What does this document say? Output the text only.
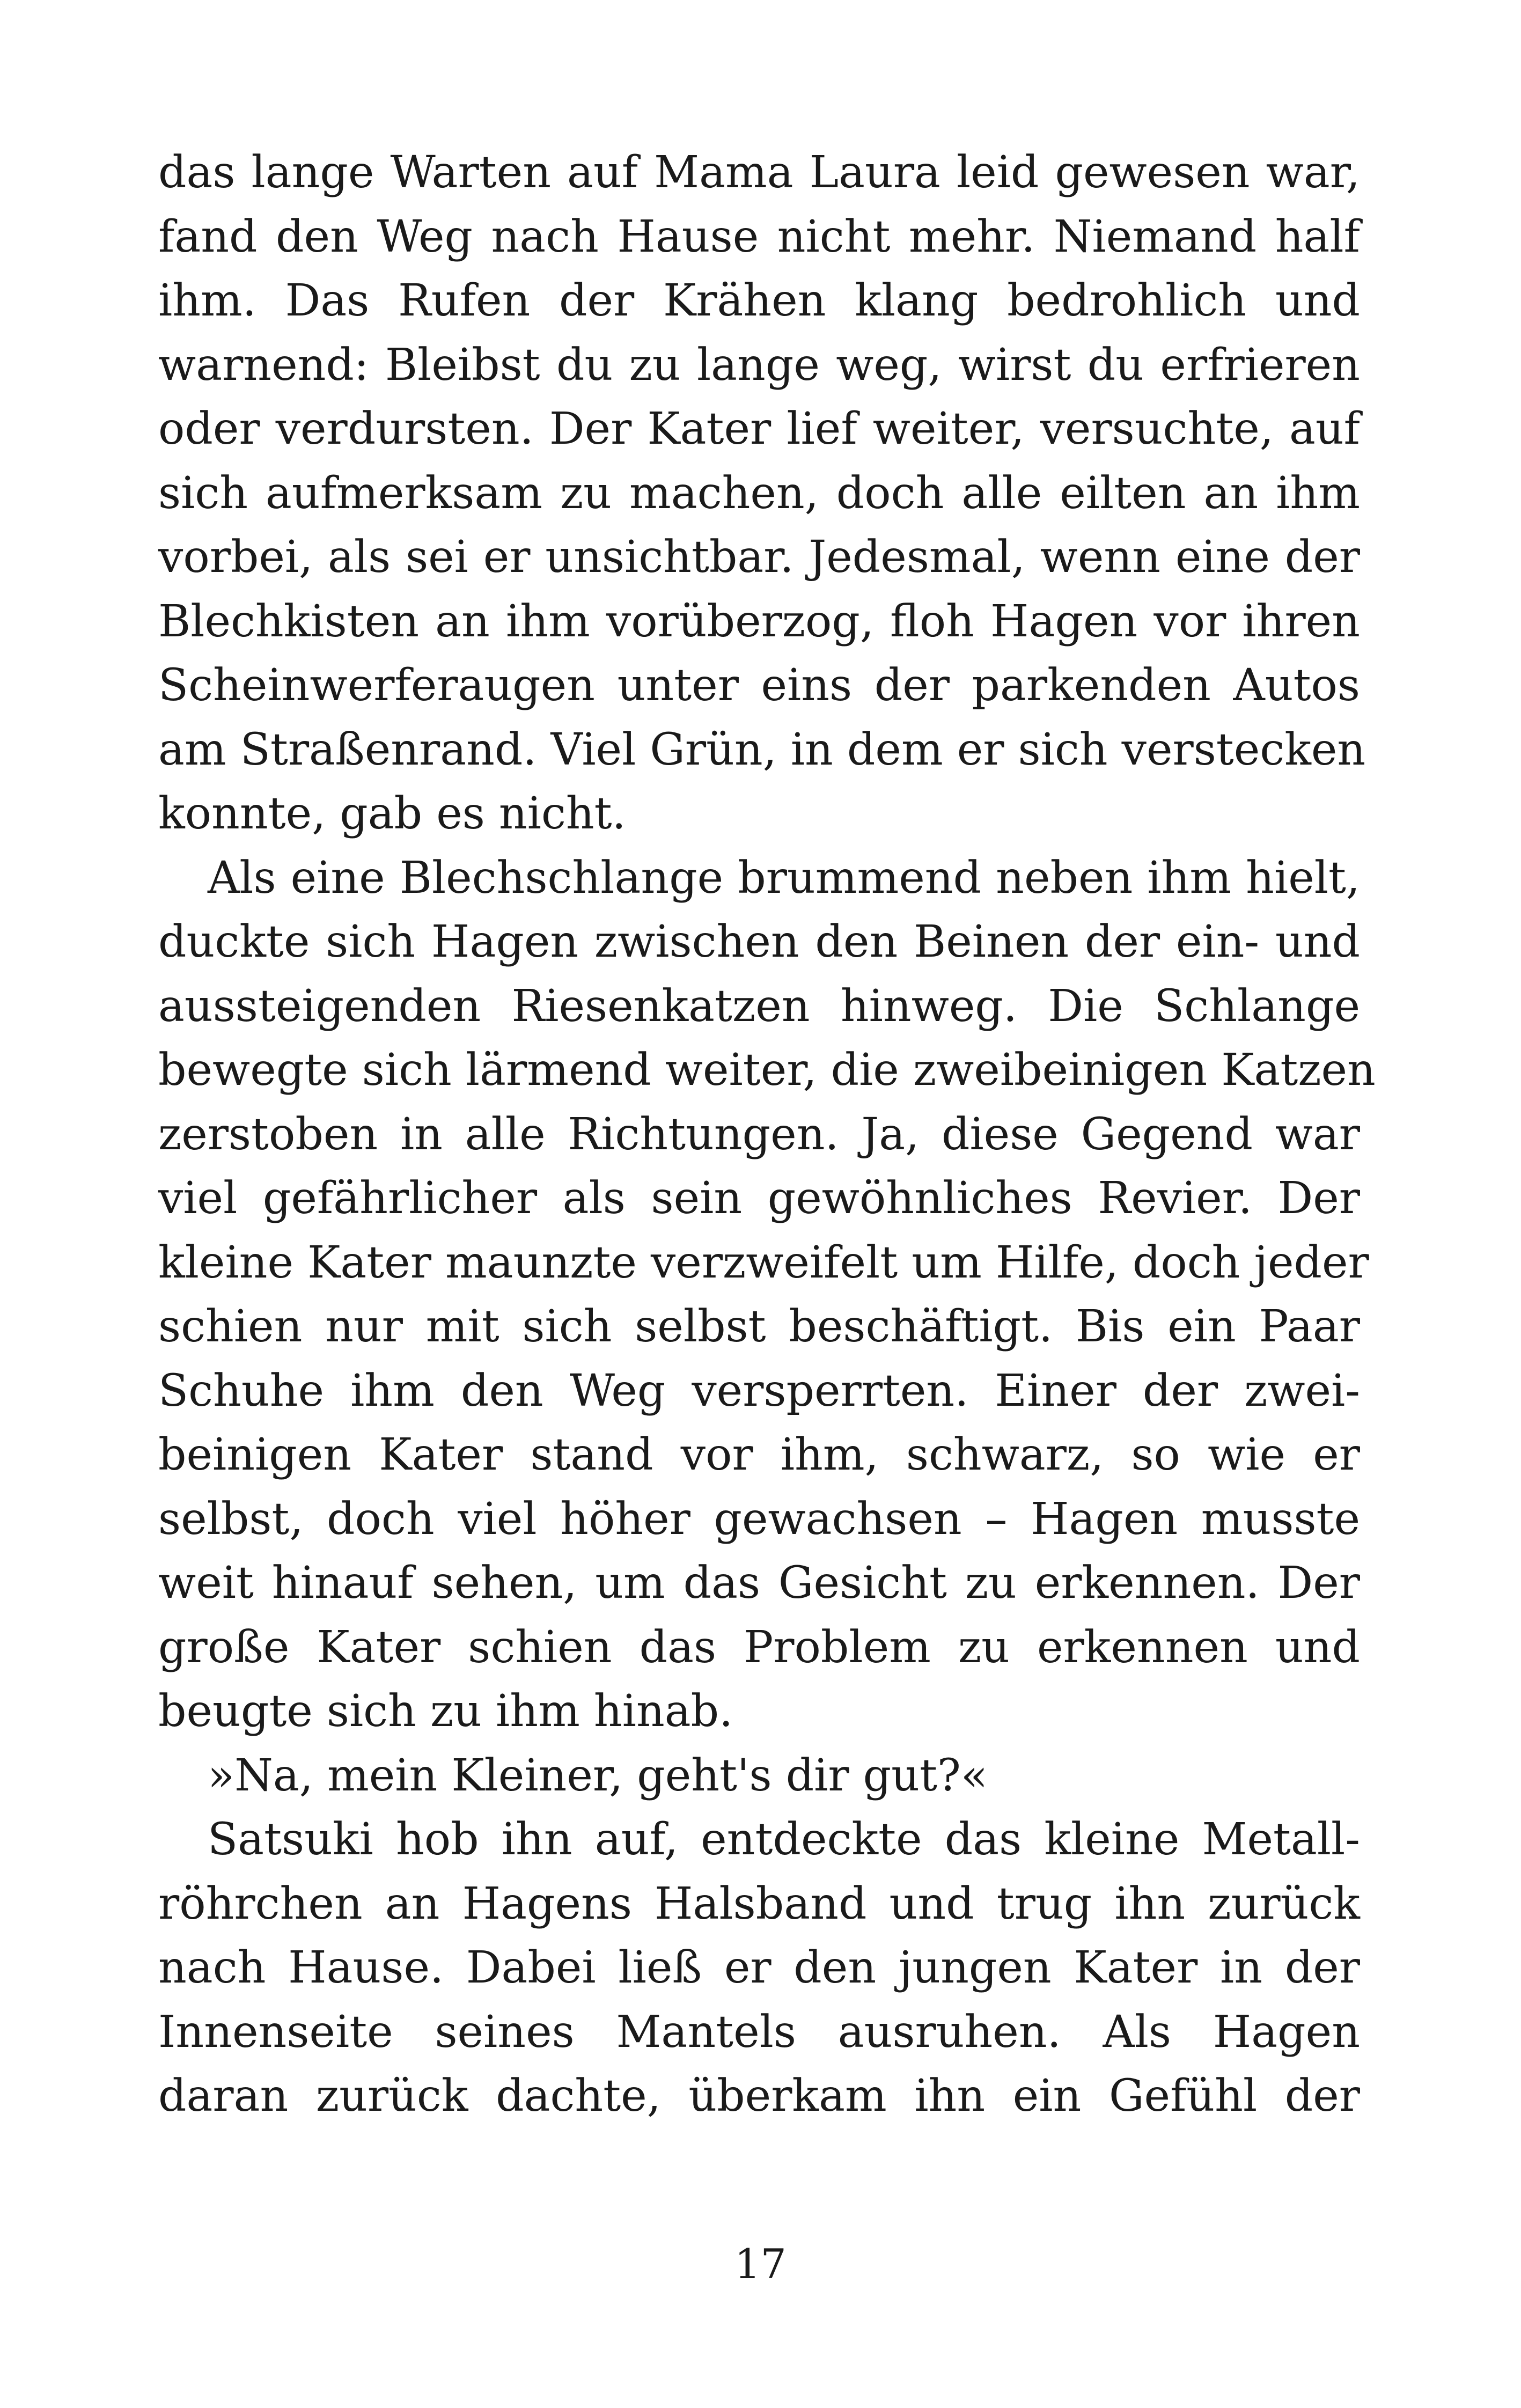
das lange Warten auf Mama Laura leid gewesen war,
fand den Weg nach Hause nicht mehr. Niemand half
ihm. Das Rufen der Krähen klang bedrohlich und
warnend: Bleibst du zu lange weg, wirst du erfrieren
oder verdursten. Der Kater lief weiter, versuchte, auf
sich aufmerksam zu machen, doch alle eilten an ihm
vorbei, als sei er unsichtbar. Jedesmal, wenn eine der
Blechkisten an ihm vorüberzog, floh Hagen vor ihren
Scheinwerferaugen unter eins der parkenden Autos
am Straßenrand. Viel Grün, in dem er sich verstecken
konnte, gab es nicht.
Als eine Blechschlange brummend neben ihm hielt,
duckte sich Hagen zwischen den Beinen der ein- und
aussteigenden Riesenkatzen hinweg. Die Schlange
bewegte sich lärmend weiter, die zweibeinigen Katzen
zerstoben in alle Richtungen. Ja, diese Gegend war
viel gefährlicher als sein gewöhnliches Revier. Der
kleine Kater maunzte verzweifelt um Hilfe, doch jeder
schien nur mit sich selbst beschäftigt. Bis ein Paar
Schuhe ihm den Weg versperrten. Einer der zwei-
beinigen Kater stand vor ihm, schwarz, so wie er
selbst, doch viel höher gewachsen – Hagen musste
weit hinauf sehen, um das Gesicht zu erkennen. Der
große Kater schien das Problem zu erkennen und
beugte sich zu ihm hinab.
»Na, mein Kleiner, geht's dir gut?«
Satsuki hob ihn auf, entdeckte das kleine Metall-
röhrchen an Hagens Halsband und trug ihn zurück
nach Hause. Dabei ließ er den jungen Kater in der
Innenseite seines Mantels ausruhen. Als Hagen
daran zurück dachte, überkam ihn ein Gefühl der
17
